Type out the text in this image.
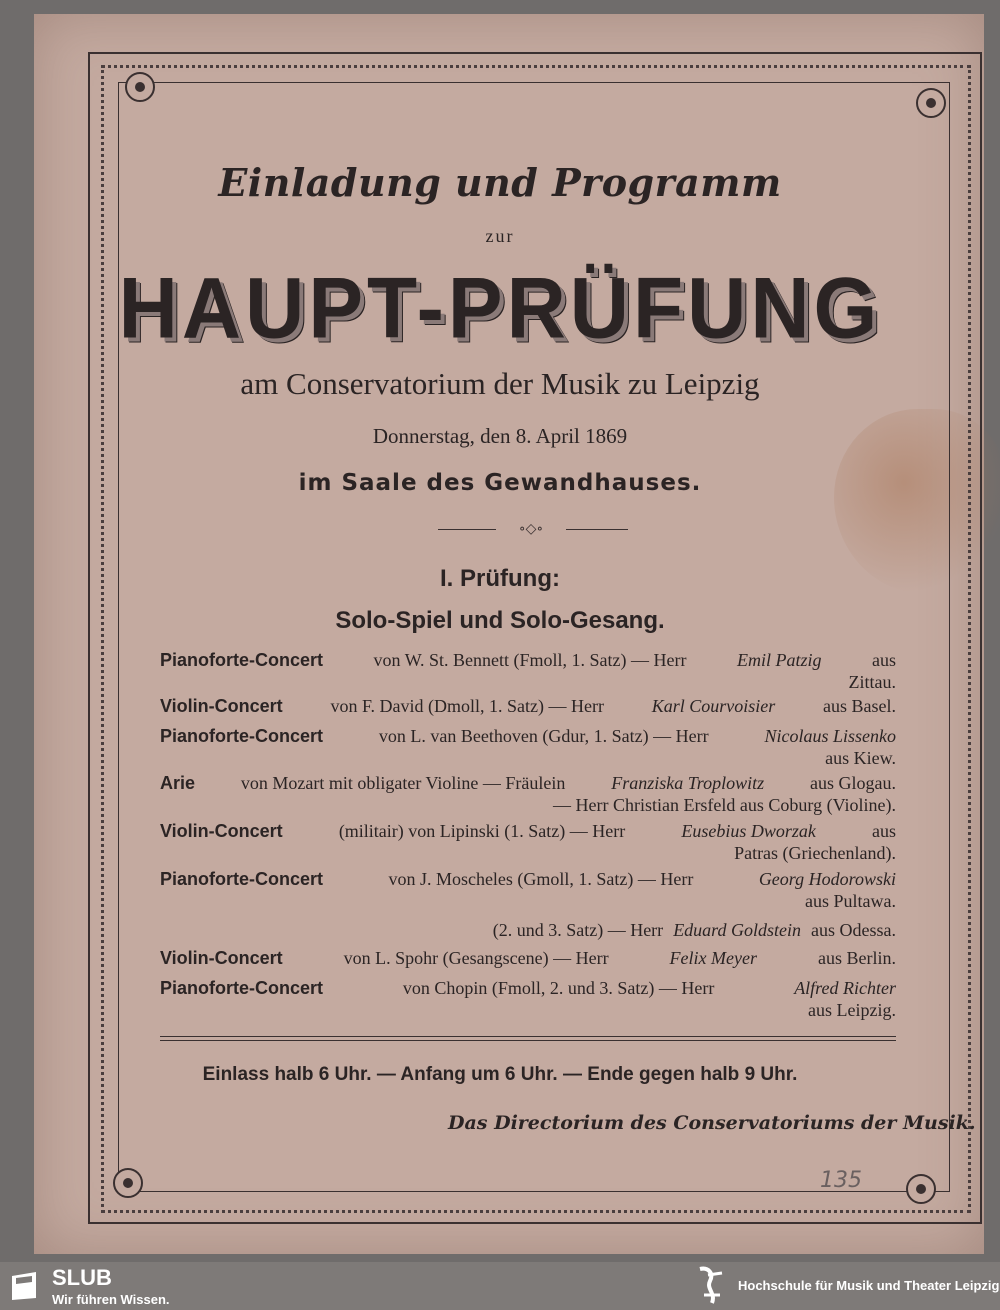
Einladung und Programm
zur
HAUPT-PRÜFUNG
am Conservatorium der Musik zu Leipzig
Donnerstag, den 8. April 1869
im Saale des Gewandhauses.
∘◇∘
I. Prüfung:
Solo-Spiel und Solo-Gesang.
Pianoforte-Concert	von W. St. Bennett (Fmoll, 1. Satz) — Herr	Emil Patzig	aus
Zittau.
Violin-Concert	von F. David (Dmoll, 1. Satz) — Herr	Karl Courvoisier	aus Basel.
Pianoforte-Concert	von L. van Beethoven (Gdur, 1. Satz) — Herr	Nicolaus Lissenko
aus Kiew.
Arie	von Mozart mit obligater Violine — Fräulein	Franziska Troplowitz	aus Glogau.
— Herr Christian Ersfeld aus Coburg (Violine).
Violin-Concert	(militair) von Lipinski (1. Satz) — Herr	Eusebius Dworzak	aus
Patras (Griechenland).
Pianoforte-Concert	von J. Moscheles (Gmoll, 1. Satz) — Herr	Georg Hodorowski
aus Pultawa.
(2. und 3. Satz) — Herr Eduard Goldstein aus Odessa.
Violin-Concert	von L. Spohr (Gesangscene) — Herr	Felix Meyer	aus Berlin.
Pianoforte-Concert	von Chopin (Fmoll, 2. und 3. Satz) — Herr	Alfred Richter
aus Leipzig.
Einlass halb 6 Uhr. — Anfang um 6 Uhr. — Ende gegen halb 9 Uhr.
Das Directorium des Conservatoriums der Musik.
135
SLUB
Wir führen Wissen.
Hochschule für Musik und Theater Leipzig
